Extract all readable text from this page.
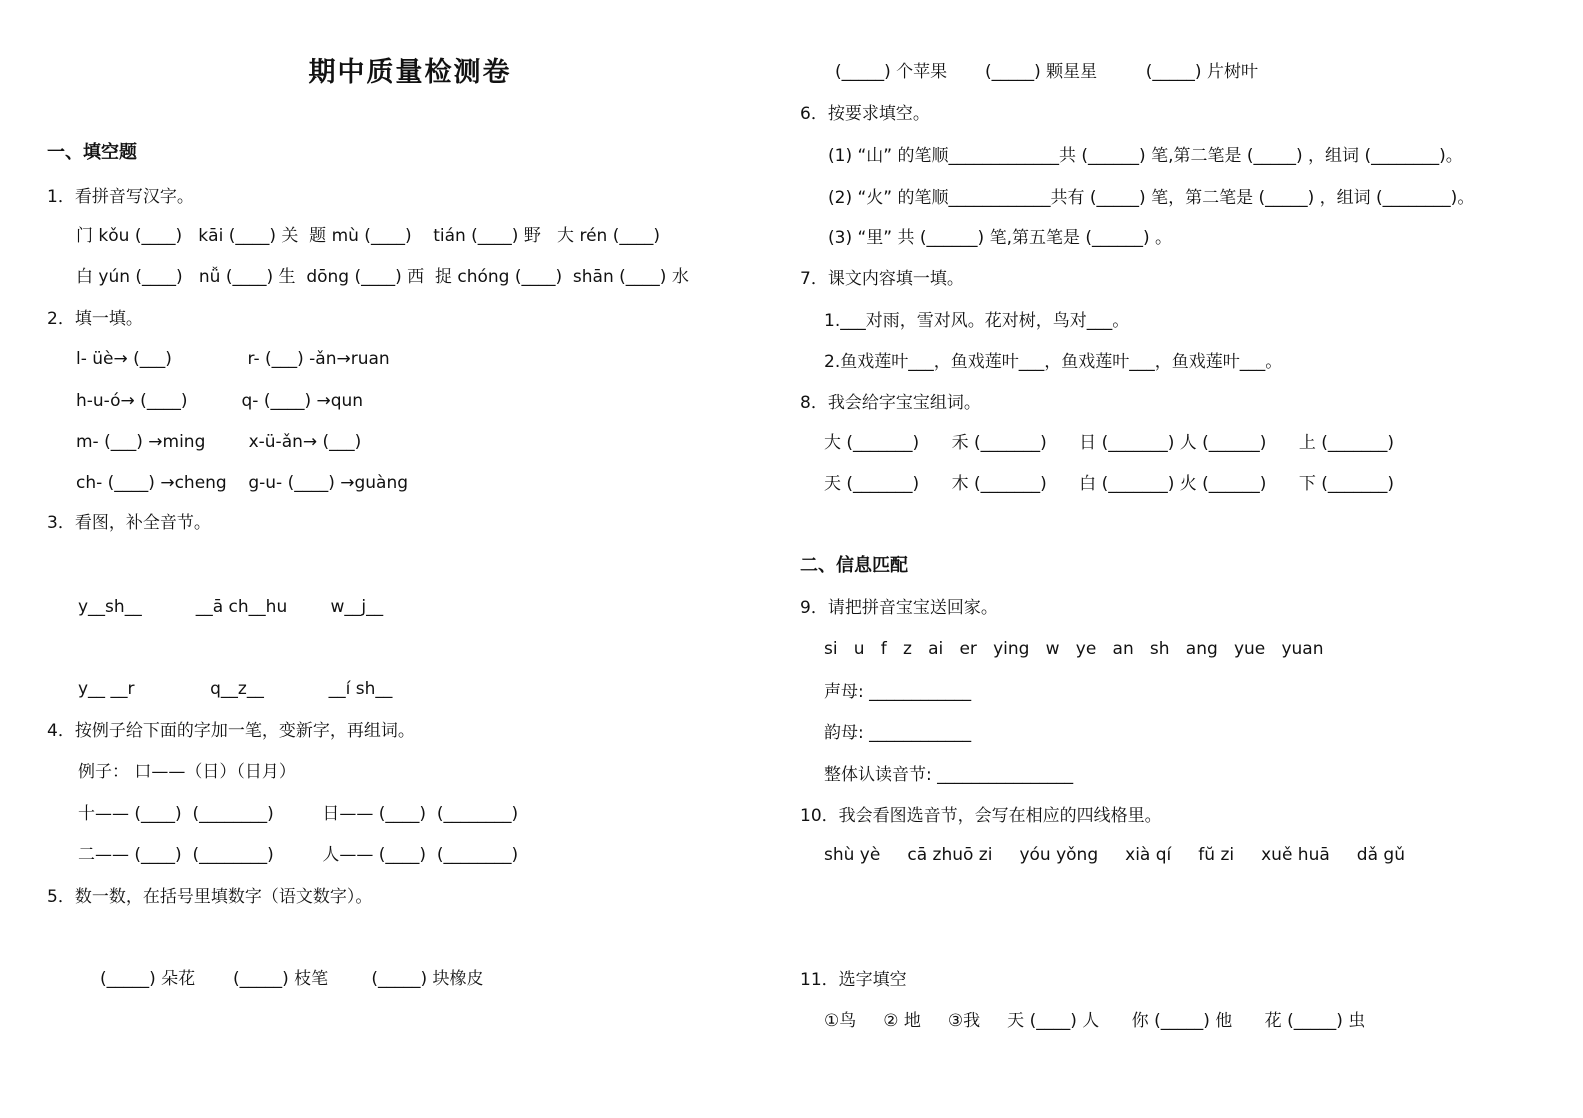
期中质量检测卷
一、填空题
1．看拼音写汉字。
门 kǒu (____)   kāi (____) 关  题 mù (____)    tián (____) 野   大 rén (____)
白 yún (____)   nǚ (____) 生  dōng (____) 西  捉 chóng (____)  shān (____) 水
2．填一填。
l- üè→ (___)              r- (___) -ǎn→ruan
h-u-ó→ (____)          q- (____) →qun
m- (___) →ming        x-ü-ǎn→ (___)
ch- (____) →cheng    g-u- (____) →guàng
3．看图，补全音节。
y__sh__          __ā ch__hu        w__j__
y__ __r              q__z__            __í sh__
4．按例子给下面的字加一笔，变新字，再组词。
例子： 口——（日）（日月）
十—— (____)  (________)         日—— (____)  (________)
二—— (____)  (________)         人—— (____)  (________)
5．数一数，在括号里填数字（语文数字）。
(_____) 朵花       (_____) 枝笔        (_____) 块橡皮
(_____) 个苹果       (_____) 颗星星         (_____) 片树叶
6．按要求填空。
(1) “山” 的笔顺_____________共 (______) 笔,第二笔是 (_____) ，组词 (________)。
(2) “火” 的笔顺____________共有 (_____) 笔，第二笔是 (_____) ，组词 (________)。
(3) “里” 共 (______) 笔,第五笔是 (______) 。
7．课文内容填一填。
1.___对雨，雪对风。花对树，鸟对___。
2.鱼戏莲叶___，鱼戏莲叶___，鱼戏莲叶___，鱼戏莲叶___。
8．我会给字宝宝组词。
大 (_______)      禾 (_______)      日 (_______) 人 (______)      上 (_______)
天 (_______)      木 (_______)      白 (_______) 火 (______)      下 (_______)
二、信息匹配
9．请把拼音宝宝送回家。
si   u   f   z   ai   er   ying   w   ye   an   sh   ang   yue   yuan
声母: ____________
韵母: ____________
整体认读音节: ________________
10．我会看图选音节，会写在相应的四线格里。
shù yè     cā zhuō zi     yóu yǒng     xià qí     fŭ zi     xuě huā     dǎ gǔ
11．选字填空
①鸟     ② 地     ③我     天 (____) 人      你 (_____) 他      花 (_____) 虫
